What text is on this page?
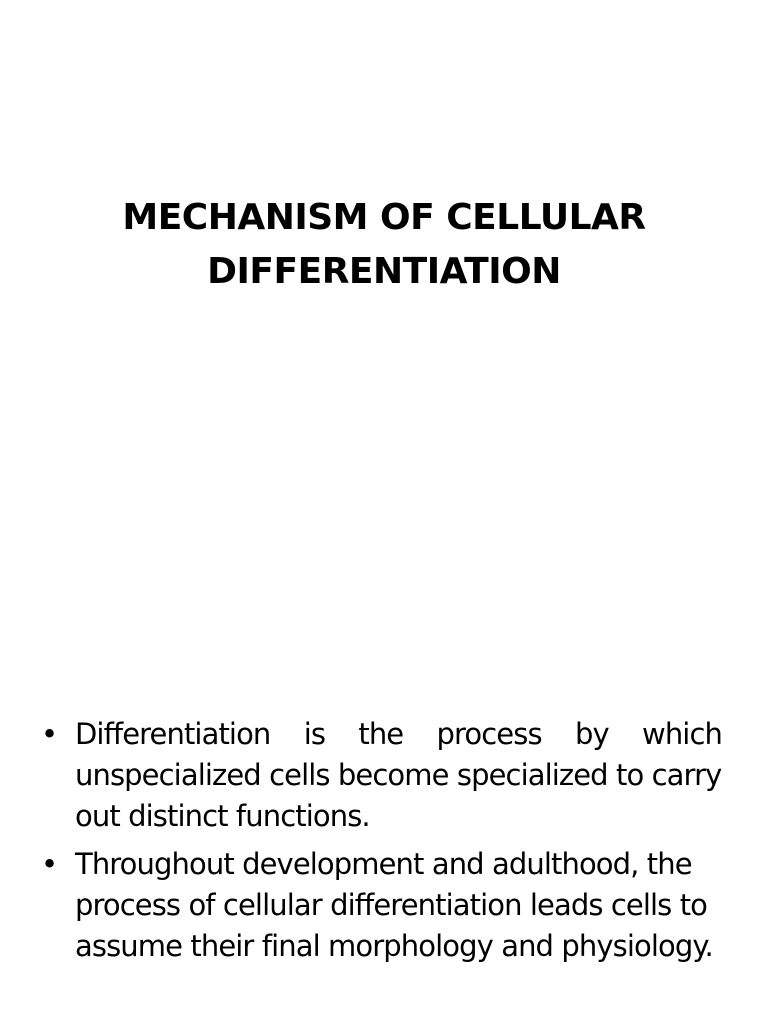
MECHANISM OF CELLULAR
DIFFERENTIATION
• Differentiation is the process by which
unspecialized cells become specialized to carry
out distinct functions.
• Throughout development and adulthood, the
process of cellular differentiation leads cells to
assume their final morphology and physiology.
